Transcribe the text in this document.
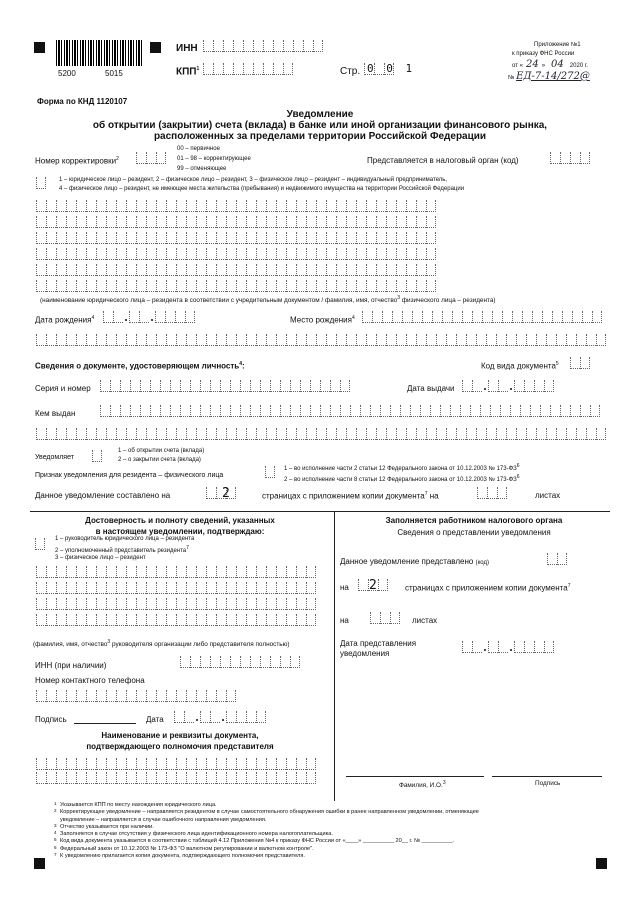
5200	5015
ИНН
КПП$^1$	Стр. 0 0 1
Приложение №1
к приказу ФНС России
от « 24 » 04 2020 г.
№ ЕД-7-14/272@
Форма по КНД 1120107
Уведомление
об открытии (закрытии) счета (вклада) в банке или иной организации финансового рынка,
расположенных за пределами территории Российской Федерации
Номер корректировки$^2$
00 – первичное
01 – 98 – корректирующее
99 – отменяющее
Представляется в налоговый орган (код)
1 – юридическое лицо – резидент, 2 – физическое лицо – резидент, 3 – физическое лицо – резидент – индивидуальный предприниматель,
4 – физическое лицо – резидент, не имеющее места жительства (пребывания) и недвижимого имущества на территории Российской Федерации
(наименование юридического лица – резидента в соответствии с учредительным документом / фамилия, имя, отчество$^3$ физического лица – резидента)
Дата рождения$^4$	Место рождения$^4$
Сведения о документе, удостоверяющем личность$^4$:	Код вида документа$^5$
Серия и номер	Дата выдачи
Кем выдан
Уведомляет
1 – об открытии счета (вклада)
2 – о закрытии счета (вклада)
Признак уведомления для резидента – физического лица
1 – во исполнение части 2 статьи 12 Федерального закона от 10.12.2003 № $173-ФЗ^6$
2 – во исполнение части 8 статьи 12 Федерального закона от 10.12.2003 № $173-ФЗ^6$
Данное уведомление составлено на	2	страницах с приложением копии документа$^7$ на	листах
Достоверность и полноту сведений, указанных
в настоящем уведомлении, подтверждаю:
1 – руководитель юридического лица – резидента
2 – уполномоченный представитель резидента$^7$
3 – физическое лицо – резидент
(фамилия, имя, отчество$^3$ руководителя организации либо представителя полностью)
ИНН (при наличии)
Номер контактного телефона
Подпись	Дата
Наименование и реквизиты документа,
подтверждающего полномочия представителя
Заполняется работником налогового органа
Сведения о представлении уведомления
Данное уведомление представлено (код)
на 2	страницах с приложением копии документа$^7$
на	листах
Дата представления
уведомления
Фамилия, И.О.$^3$	Подпись
1 Указывается КПП по месту нахождения юридического лица.
2 Корректирующее уведомление – направляется резидентом в случае самостоятельного обнаружения ошибки в ранее направленном уведомлении, отменяющее
уведомление – направляется в случае ошибочного направления уведомления.
3 Отчество указывается при наличии.
4 Заполняется в случае отсутствия у физического лица идентификационного номера налогоплательщика.
5 Код вида документа указывается в соответствии с таблицей 4.12 Приложения №4 к приказу ФНС России от «____» __________ 20__ г. № __________.
6 Федеральный закон от 10.12.2003 № 173-ФЗ "О валютном регулировании и валютном контроле".
7 К уведомлению прилагается копия документа, подтверждающего полномочия представителя.
